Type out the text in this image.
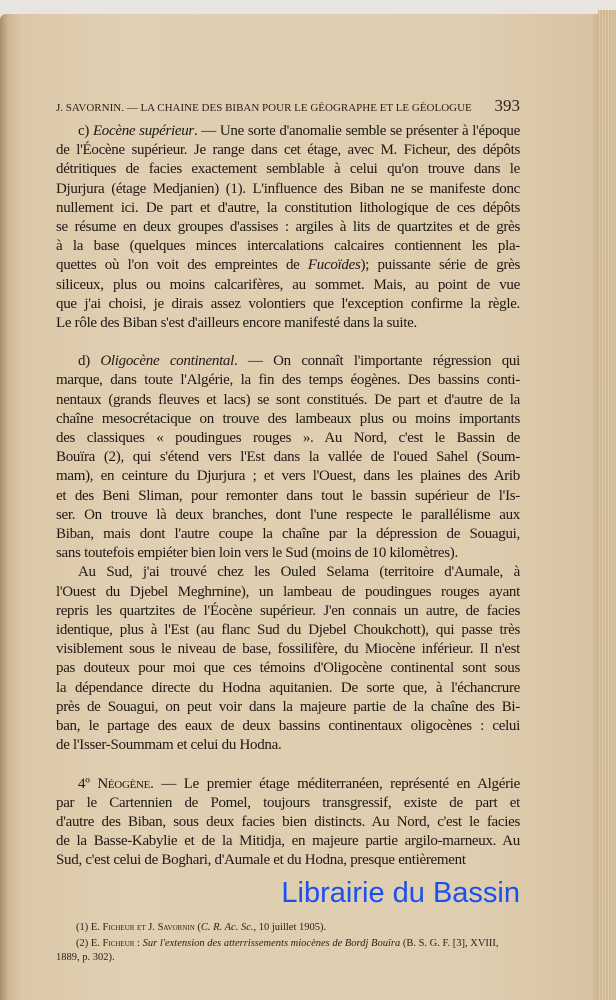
J. SAVORNIN. — LA CHAINE DES BIBAN POUR LE GÉOGRAPHE ET LE GÉOLOGUE	393
c) Eocène supérieur. — Une sorte d'anomalie semble se présenter à l'époque
de l'Éocène supérieur. Je range dans cet étage, avec M. Ficheur, des dépôts
détritiques de facies exactement semblable à celui qu'on trouve dans le
Djurjura (étage Medjanien) (1). L'influence des Biban ne se manifeste donc
nullement ici. De part et d'autre, la constitution lithologique de ces dépôts
se résume en deux groupes d'assises : argiles à lits de quartzites et de grès
à la base (quelques minces intercalations calcaires contiennent les pla-
quettes où l'on voit des empreintes de Fucoïdes); puissante série de grès
siliceux, plus ou moins calcarifères, au sommet. Mais, au point de vue
que j'ai choisi, je dirais assez volontiers que l'exception confirme la règle.
Le rôle des Biban s'est d'ailleurs encore manifesté dans la suite.
d) Oligocène continental. — On connaît l'importante régression qui
marque, dans toute l'Algérie, la fin des temps éogènes. Des bassins conti-
nentaux (grands fleuves et lacs) se sont constitués. De part et d'autre de la
chaîne mesocrétacique on trouve des lambeaux plus ou moins importants
des classiques « poudingues rouges ». Au Nord, c'est le Bassin de
Bouïra (2), qui s'étend vers l'Est dans la vallée de l'oued Sahel (Soum-
mam), en ceinture du Djurjura ; et vers l'Ouest, dans les plaines des Arib
et des Beni Sliman, pour remonter dans tout le bassin supérieur de l'Is-
ser. On trouve là deux branches, dont l'une respecte le parallélisme aux
Biban, mais dont l'autre coupe la chaîne par la dépression de Souagui,
sans toutefois empiéter bien loin vers le Sud (moins de 10 kilomètres).
Au Sud, j'ai trouvé chez les Ouled Selama (territoire d'Aumale, à
l'Ouest du Djebel Meghrnine), un lambeau de poudingues rouges ayant
repris les quartzites de l'Éocène supérieur. J'en connais un autre, de facies
identique, plus à l'Est (au flanc Sud du Djebel Choukchott), qui passe très
visiblement sous le niveau de base, fossilifère, du Miocène inférieur. Il n'est
pas douteux pour moi que ces témoins d'Oligocène continental sont sous
la dépendance directe du Hodna aquitanien. De sorte que, à l'échancrure
près de Souagui, on peut voir dans la majeure partie de la chaîne des Bi-
ban, le partage des eaux de deux bassins continentaux oligocènes : celui
de l'Isser-Soummam et celui du Hodna.
4º Néogène. — Le premier étage méditerranéen, représenté en Algérie
par le Cartennien de Pomel, toujours transgressif, existe de part et
d'autre des Biban, sous deux facies bien distincts. Au Nord, c'est le facies
de la Basse-Kabylie et de la Mitidja, en majeure partie argilo-marneux. Au
Sud, c'est celui de Boghari, d'Aumale et du Hodna, presque entièrement
Librairie du Bassin
(1) E. Ficheur et J. Savornin (C. R. Ac. Sc., 10 juillet 1905).
(2) E. Ficheur : Sur l'extension des atterrissements miocènes de Bordj Bouïra (B. S. G. F. [3], XVIII, 1889, p. 302).
